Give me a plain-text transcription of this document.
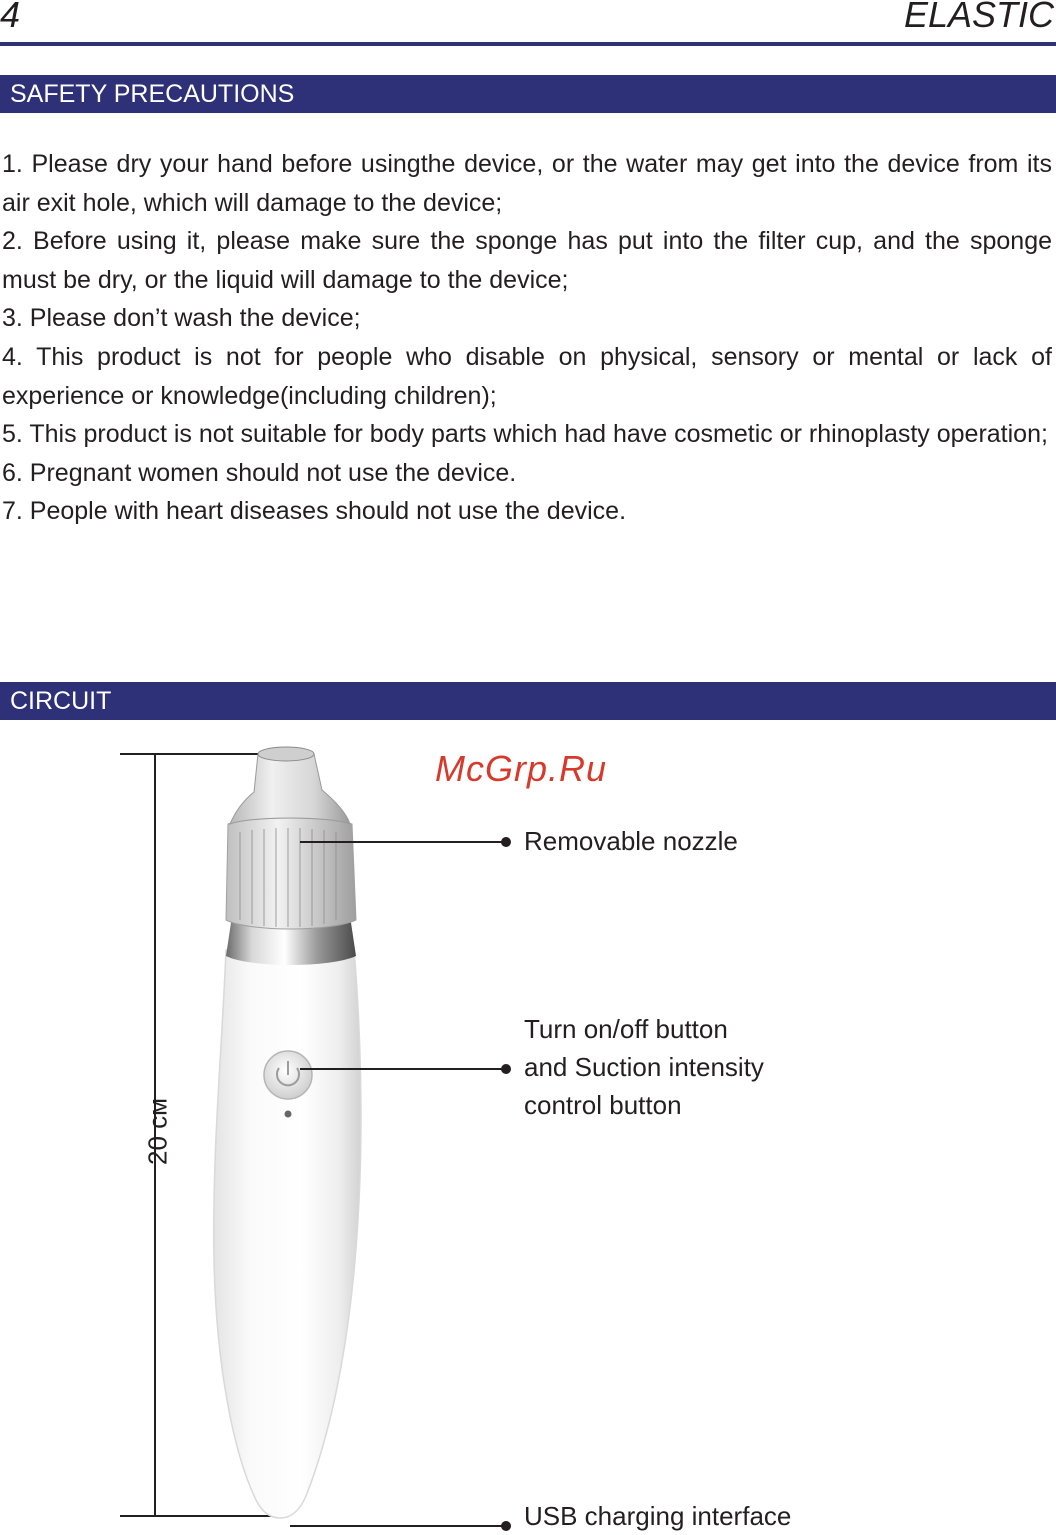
4	ELASTIC
SAFETY PRECAUTIONS

1. Please dry your hand before usingthe device, or the water may get into the device from its air exit hole, which will damage to the device;

2. Before using it, please make sure the sponge has put into the filter cup, and the sponge must be dry, or the liquid will damage to the device;

3. Please don’t wash the device;

4. This product is not for people who disable on physical, sensory or mental or lack of experience or knowledge(including children);

5. This product is not suitable for body parts which had have cosmetic or rhinoplasty operation;

6. Pregnant women should not use the device.

7. People with heart diseases should not use the device.

CIRCUIT
McGrp.Ru
20 см
Removable nozzle
Turn on/off button
and Suction intensity
control button
USB charging interface
